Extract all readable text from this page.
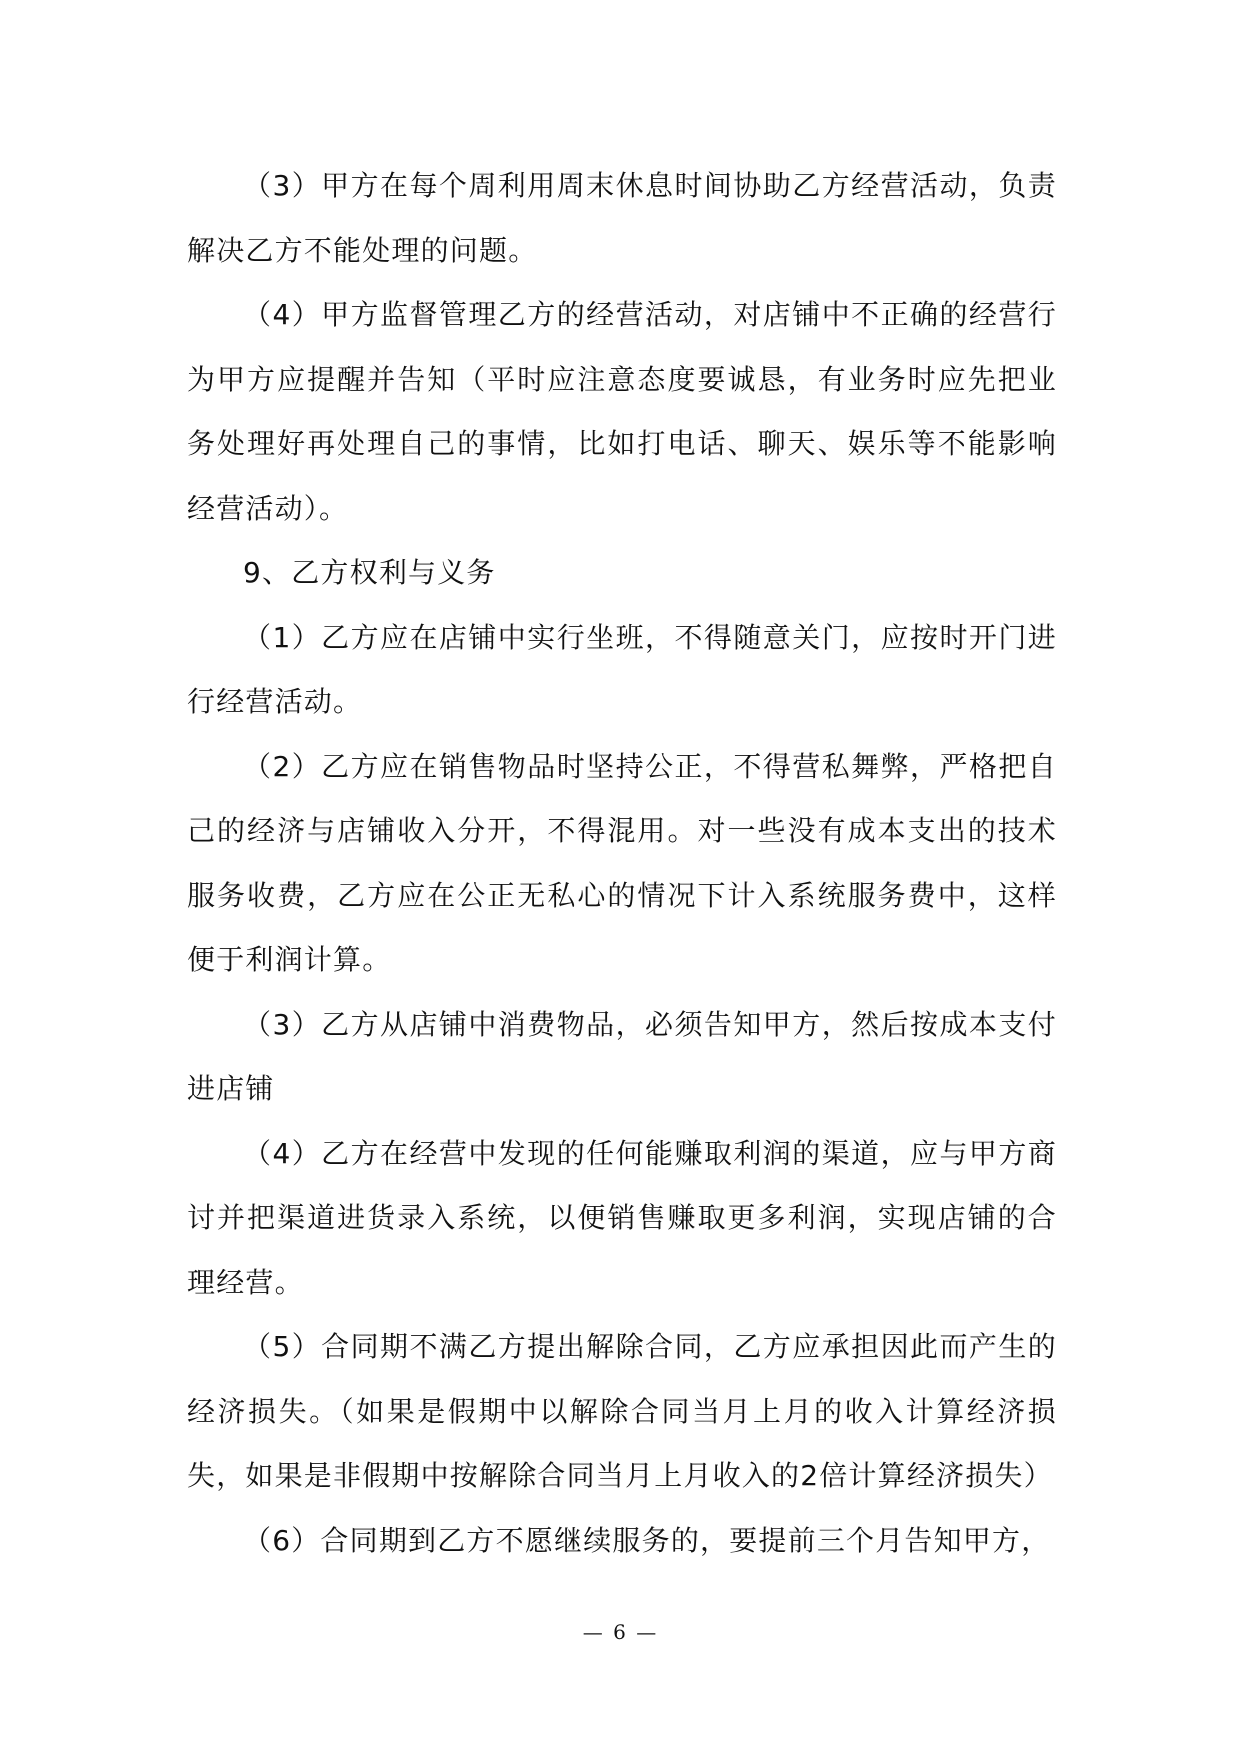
（3）甲方在每个周利用周末休息时间协助乙方经营活动，负责解决乙方不能处理的问题。

（4）甲方监督管理乙方的经营活动，对店铺中不正确的经营行为甲方应提醒并告知（平时应注意态度要诚恳，有业务时应先把业务处理好再处理自己的事情，比如打电话、聊天、娱乐等不能影响经营活动）。

9、乙方权利与义务

（1）乙方应在店铺中实行坐班，不得随意关门，应按时开门进行经营活动。

（2）乙方应在销售物品时坚持公正，不得营私舞弊，严格把自己的经济与店铺收入分开，不得混用。对一些没有成本支出的技术服务收费，乙方应在公正无私心的情况下计入系统服务费中，这样便于利润计算。

（3）乙方从店铺中消费物品，必须告知甲方，然后按成本支付进店铺

（4）乙方在经营中发现的任何能赚取利润的渠道，应与甲方商讨并把渠道进货录入系统，以便销售赚取更多利润，实现店铺的合理经营。

（5）合同期不满乙方提出解除合同，乙方应承担因此而产生的经济损失。（如果是假期中以解除合同当月上月的收入计算经济损失，如果是非假期中按解除合同当月上月收入的2倍计算经济损失）

（6）合同期到乙方不愿继续服务的，要提前三个月告知甲方，

— 6 —
